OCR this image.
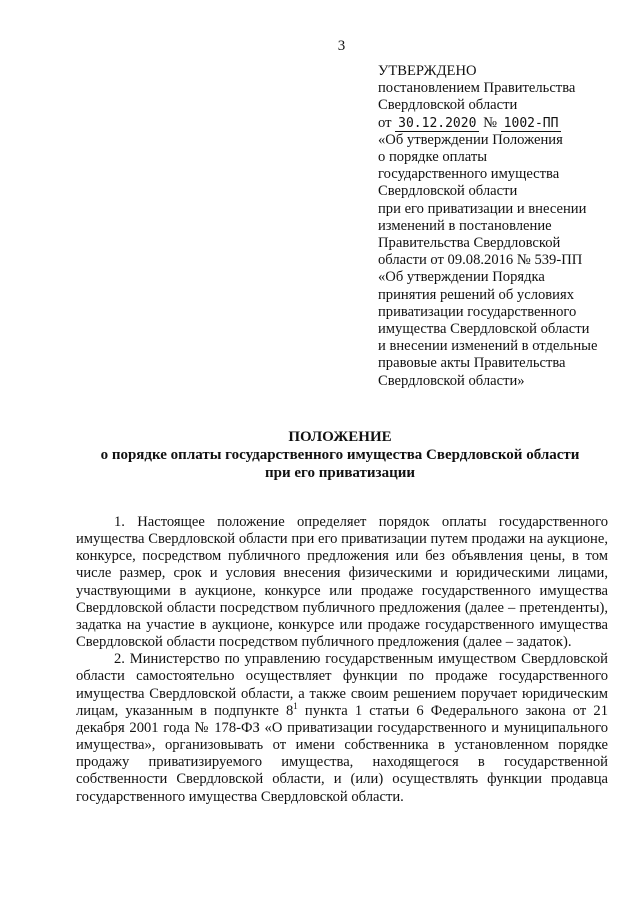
3
УТВЕРЖДЕНО
постановлением Правительства
Свердловской области
от 30.12.2020 № 1002-ПП
«Об утверждении Положения
о порядке оплаты
государственного имущества
Свердловской области
при его приватизации и внесении
изменений в постановление
Правительства Свердловской
области от 09.08.2016 № 539-ПП
«Об утверждении Порядка
принятия решений об условиях
приватизации государственного
имущества Свердловской области
и внесении изменений в отдельные
правовые акты Правительства
Свердловской области»
ПОЛОЖЕНИЕ
о порядке оплаты государственного имущества Свердловской области
при его приватизации

1. Настоящее положение определяет порядок оплаты государственного имущества Свердловской области при его приватизации путем продажи на аукционе, конкурсе, посредством публичного предложения или без объявления цены, в том числе размер, срок и условия внесения физическими и юридическими лицами, участвующими в аукционе, конкурсе или продаже государственного имущества Свердловской области посредством публичного предложения (далее – претенденты), задатка на участие в аукционе, конкурсе или продаже государственного имущества Свердловской области посредством публичного предложения (далее – задаток).

2. Министерство по управлению государственным имуществом Свердловской области самостоятельно осуществляет функции по продаже государственного имущества Свердловской области, а также своим решением поручает юридическим лицам, указанным в подпункте $8^1$ пункта 1 статьи 6 Федерального закона от 21 декабря 2001 года № 178-ФЗ «О приватизации государственного и муниципального имущества», организовывать от имени собственника в установленном порядке продажу приватизируемого имущества, находящегося в государственной собственности Свердловской области, и (или) осуществлять функции продавца государственного имущества Свердловской области.
